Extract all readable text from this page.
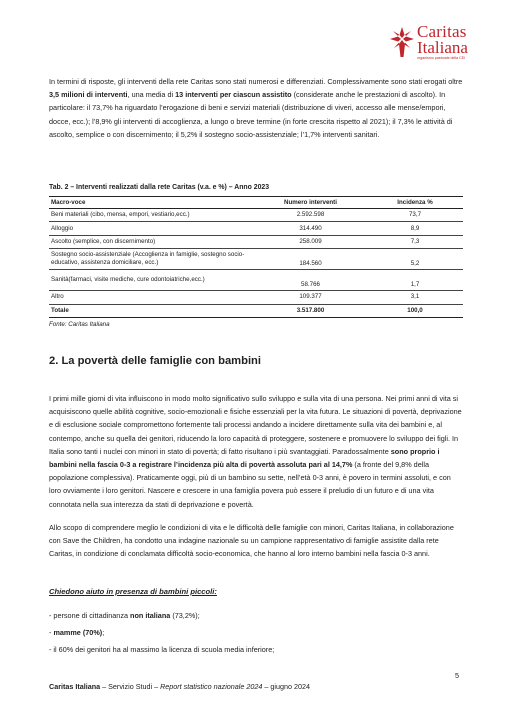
Caritas
Italiana
organismo pastorale della CEI

In termini di risposte, gli interventi della rete Caritas sono stati numerosi e differenziati. Complessivamente sono stati erogati oltre 3,5 milioni di interventi, una media di 13 interventi per ciascun assistito (considerate anche le prestazioni di ascolto). In particolare: il 73,7% ha riguardato l’erogazione di beni e servizi materiali (distribuzione di viveri, accesso alle mense/empori, docce, ecc.); l’8,9% gli interventi di accoglienza, a lungo o breve termine (in forte crescita rispetto al 2021); il 7,3% le attività di ascolto, semplice o con discernimento; il 5,2% il sostegno socio-assistenziale; l’1,7% interventi sanitari.

Tab. 2 – Interventi realizzati dalla rete Caritas (v.a. e %) – Anno 2023
Macro-voce	Numero interventi	Incidenza %
Beni materiali (cibo, mensa, empori, vestiario,ecc.)	2.592.598	73,7
Alloggio	314.490	8,9
Ascolto (semplice, con discernimento)	258.009	7,3
Sostegno socio-assistenziale (Accoglienza in famiglie, sostegno socio-educativo, assistenza domiciliare, ecc.)	184.560	5,2
Sanità(farmaci, visite mediche, cure odontoiatriche,ecc.)	58.766	1,7
Altro	109.377	3,1
Totale	3.517.800	100,0
Fonte: Caritas Italiana
2. La povertà delle famiglie con bambini

I primi mille giorni di vita influiscono in modo molto significativo sullo sviluppo e sulla vita di una persona. Nei primi anni di vita si acquisiscono quelle abilità cognitive, socio-emozionali e fisiche essenziali per la vita futura. Le situazioni di povertà, deprivazione e di esclusione sociale compromettono fortemente tali processi andando a incidere direttamente sulla vita dei bambini e, al contempo, anche su quella dei genitori, riducendo la loro capacità di proteggere, sostenere e promuovere lo sviluppo dei figli. In Italia sono tanti i nuclei con minori in stato di povertà; di fatto risultano i più svantaggiati. Paradossalmente sono proprio i bambini nella fascia 0-3 a registrare l’incidenza più alta di povertà assoluta pari al 14,7% (a fronte del 9,8% della popolazione complessiva). Praticamente oggi, più di un bambino su sette, nell’età 0-3 anni, è povero in termini assoluti, e con loro ovviamente i loro genitori. Nascere e crescere in una famiglia povera può essere il preludio di un futuro e di una vita connotata nella sua interezza da stati di deprivazione e povertà.

Allo scopo di comprendere meglio le condizioni di vita e le difficoltà delle famiglie con minori, Caritas Italiana, in collaborazione con Save the Children, ha condotto una indagine nazionale su un campione rappresentativo di famiglie assistite dalla rete Caritas, in condizione di conclamata difficoltà socio-economica, che hanno al loro interno bambini nella fascia 0-3 anni.

Chiedono aiuto in presenza di bambini piccoli:
- persone di cittadinanza non italiana (73,2%);
- mamme (70%);
- il 60% dei genitori ha al massimo la licenza di scuola media inferiore;
5
Caritas Italiana – Servizio Studi – Report statistico nazionale 2024 – giugno 2024
